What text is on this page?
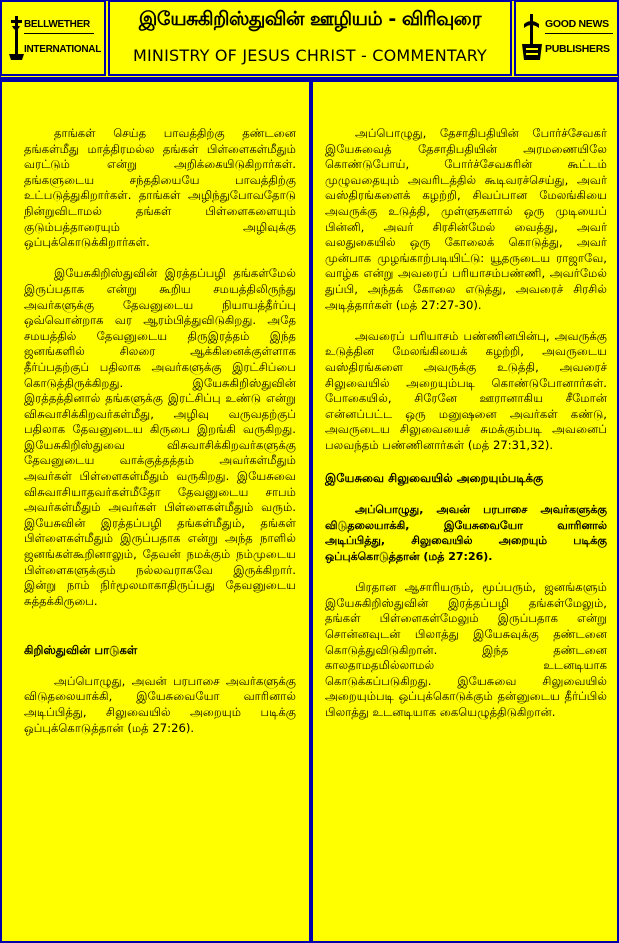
BELLWETHER
INTERNATIONAL
இயேசுகிறிஸ்துவின் ஊழியம் - விரிவுரை
MINISTRY OF JESUS CHRIST - COMMENTARY
GOOD NEWS
PUBLISHERS

தாங்கள் செய்த பாவத்திற்கு தண்டனை தங்கள்மீது மாத்திரமல்ல தங்கள் பிள்ளைகள்மீதும் வரட்டும் என்று அறிக்கையிடுகிறார்கள். தங்களுடைய சந்ததியையே பாவத்திற்கு உட்படுத்துகிறார்கள். தாங்கள் அழிந்துபோவதோடு நின்றுவிடாமல் தங்கள் பிள்ளைகளையும் குடும்பத்தாரையும் அழிவுக்கு ஒப்புக்கொடுக்கிறார்கள்.

இயேசுகிறிஸ்துவின் இரத்தப்பழி தங்கள்மேல் இருப்பதாக என்று கூறிய சமயத்திலிருந்து அவர்களுக்கு தேவனுடைய நியாயத்தீர்ப்பு ஒவ்வொன்றாக வர ஆரம்பித்துவிடுகிறது. அதே சமயத்தில் தேவனுடைய திருஇரத்தம் இந்த ஜனங்களில் சிலரை ஆக்கினைக்குள்ளாக தீர்ப்பதற்குப் பதிலாக அவர்களுக்கு இரட்சிப்பை கொடுத்திருக்கிறது. இயேசுகிறிஸ்துவின் இரத்தத்தினால் தங்களுக்கு இரட்சிப்பு உண்டு என்று விசுவாசிக்கிறவர்கள்மீது, அழிவு வருவதற்குப் பதிலாக தேவனுடைய கிருபை இறங்கி வருகிறது. இயேசுகிறிஸ்துவை விசுவாசிக்கிறவர்களுக்கு தேவனுடைய வாக்குத்தத்தம் அவர்கள்மீதும் அவர்கள் பிள்ளைகள்மீதும் வருகிறது. இயேசுவை விசுவாசியாதவர்கள்மீதோ தேவனுடைய சாபம் அவர்கள்மீதும் அவர்கள் பிள்ளைகள்மீதும் வரும். இயேசுவின் இரத்தப்பழி தங்கள்மீதும், தங்கள் பிள்ளைகள்மீதும் இருப்பதாக என்று அந்த நாளில் ஜனங்கள்கூறினாலும், தேவன் நமக்கும் நம்முடைய பிள்ளைகளுக்கும் நல்லவராகவே இருக்கிறார். இன்று நாம் நிர்மூலமாகாதிருப்பது தேவனுடைய சுத்தக்கிருபை.

கிறிஸ்துவின் பாடுகள்

அப்பொழுது, அவன் பரபாசை அவர்களுக்கு விடுதலையாக்கி, இயேசுவையோ வாரினால் அடிப்பித்து, சிலுவையில் அறையும் படிக்கு ஒப்புக்கொடுத்தான் (மத் 27:26).

அப்பொழுது, தேசாதிபதியின் போர்ச்சேவகர் இயேசுவைத் தேசாதிபதியின் அரமணையிலே கொண்டுபோய், போர்ச்சேவகரின் கூட்டம் முழுவதையும் அவரிடத்தில் கூடிவரச்செய்து, அவர் வஸ்திரங்களைக் கழற்றி, சிவப்பான மேலங்கியை அவருக்கு உடுத்தி, முள்ளுகளால் ஒரு முடியைப் பின்னி, அவர் சிரசின்மேல் வைத்து, அவர் வலதுகையில் ஒரு கோலைக் கொடுத்து, அவர் முன்பாக முழங்காற்படியிட்டு: யூதருடைய ராஜாவே, வாழ்க என்று அவரைப் பரியாசம்பண்ணி, அவர்மேல் துப்பி, அந்தக் கோலை எடுத்து, அவரைச் சிரசில் அடித்தார்கள் (மத் 27:27-30).

அவரைப் பரியாசம் பண்ணினபின்பு, அவருக்கு உடுத்தின மேலங்கியைக் கழற்றி, அவருடைய வஸ்திரங்களை அவருக்கு உடுத்தி, அவரைச் சிலுவையில் அறையும்படி கொண்டுபோனார்கள். போகையில், சிரேனே ஊரானாகிய சீமோன் என்னப்பட்ட ஒரு மனுஷனை அவர்கள் கண்டு, அவருடைய சிலுவையைச் சுமக்கும்படி அவனைப் பலவந்தம் பண்ணினார்கள் (மத் 27:31,32).

இயேசுவை சிலுவையில் அறையும்படிக்கு

அப்பொழுது, அவன் பரபாசை அவர்களுக்கு விடுதலையாக்கி, இயேசுவையோ வாரினால் அடிப்பித்து, சிலுவையில் அறையும் படிக்கு ஒப்புக்கொடுத்தான் (மத் 27:26).

பிரதான ஆசாரியரும், மூப்பரும், ஜனங்களும் இயேசுகிறிஸ்துவின் இரத்தப்பழி தங்கள்மேலும், தங்கள் பிள்ளைகள்மேலும் இருப்பதாக என்று சொன்னவுடன் பிலாத்து இயேசுவுக்கு தண்டனை கொடுத்துவிடுகிறான். இந்த தண்டனை காலதாமதமில்லாமல் உடனடியாக கொடுக்கப்படுகிறது. இயேசுவை சிலுவையில் அறையும்படி ஒப்புக்கொடுக்கும் தன்னுடைய தீர்ப்பில் பிலாத்து உடனடியாக கையெழுத்திடுகிறான்.
